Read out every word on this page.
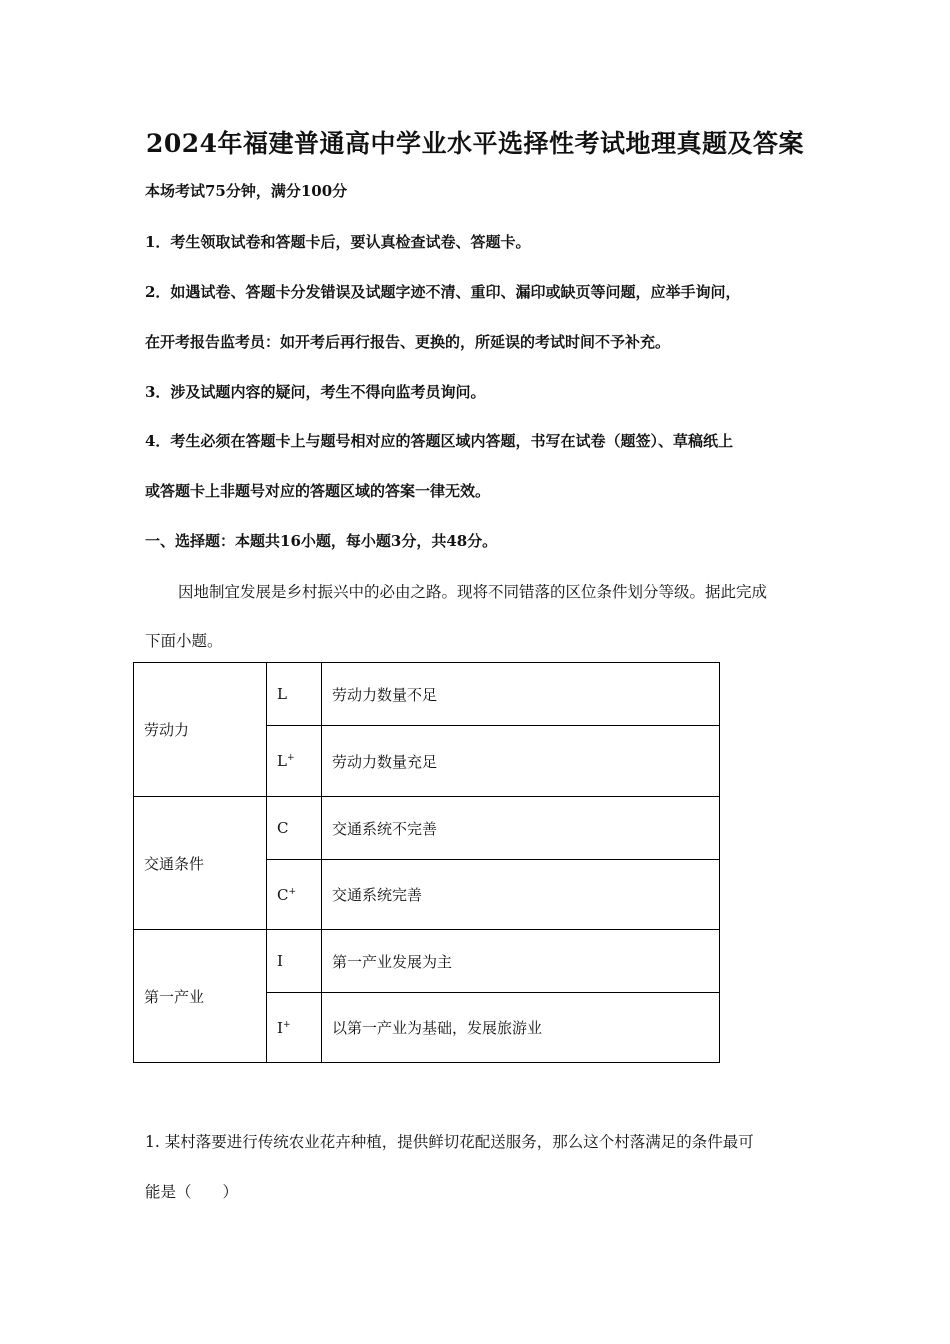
2024年福建普通高中学业水平选择性考试地理真题及答案
本场考试75分钟，满分100分
1．考生领取试卷和答题卡后，要认真检查试卷、答题卡。
2．如遇试卷、答题卡分发错误及试题字迹不清、重印、漏印或缺页等问题，应举手询问，
在开考报告监考员：如开考后再行报告、更换的，所延误的考试时间不予补充。
3．涉及试题内容的疑问，考生不得向监考员询问。
4．考生必须在答题卡上与题号相对应的答题区域内答题，书写在试卷（题签）、草稿纸上
或答题卡上非题号对应的答题区域的答案一律无效。
一、选择题：本题共16小题，每小题3分，共48分。
因地制宜发展是乡村振兴中的必由之路。现将不同错落的区位条件划分等级。据此完成
下面小题。
劳动力	L	劳动力数量不足
	L+	劳动力数量充足
交通条件	C	交通系统不完善
	C+	交通系统完善
第一产业	I	第一产业发展为主
	I+	以第一产业为基础，发展旅游业
1. 某村落要进行传统农业花卉种植，提供鲜切花配送服务，那么这个村落满足的条件最可
能是（　　）
